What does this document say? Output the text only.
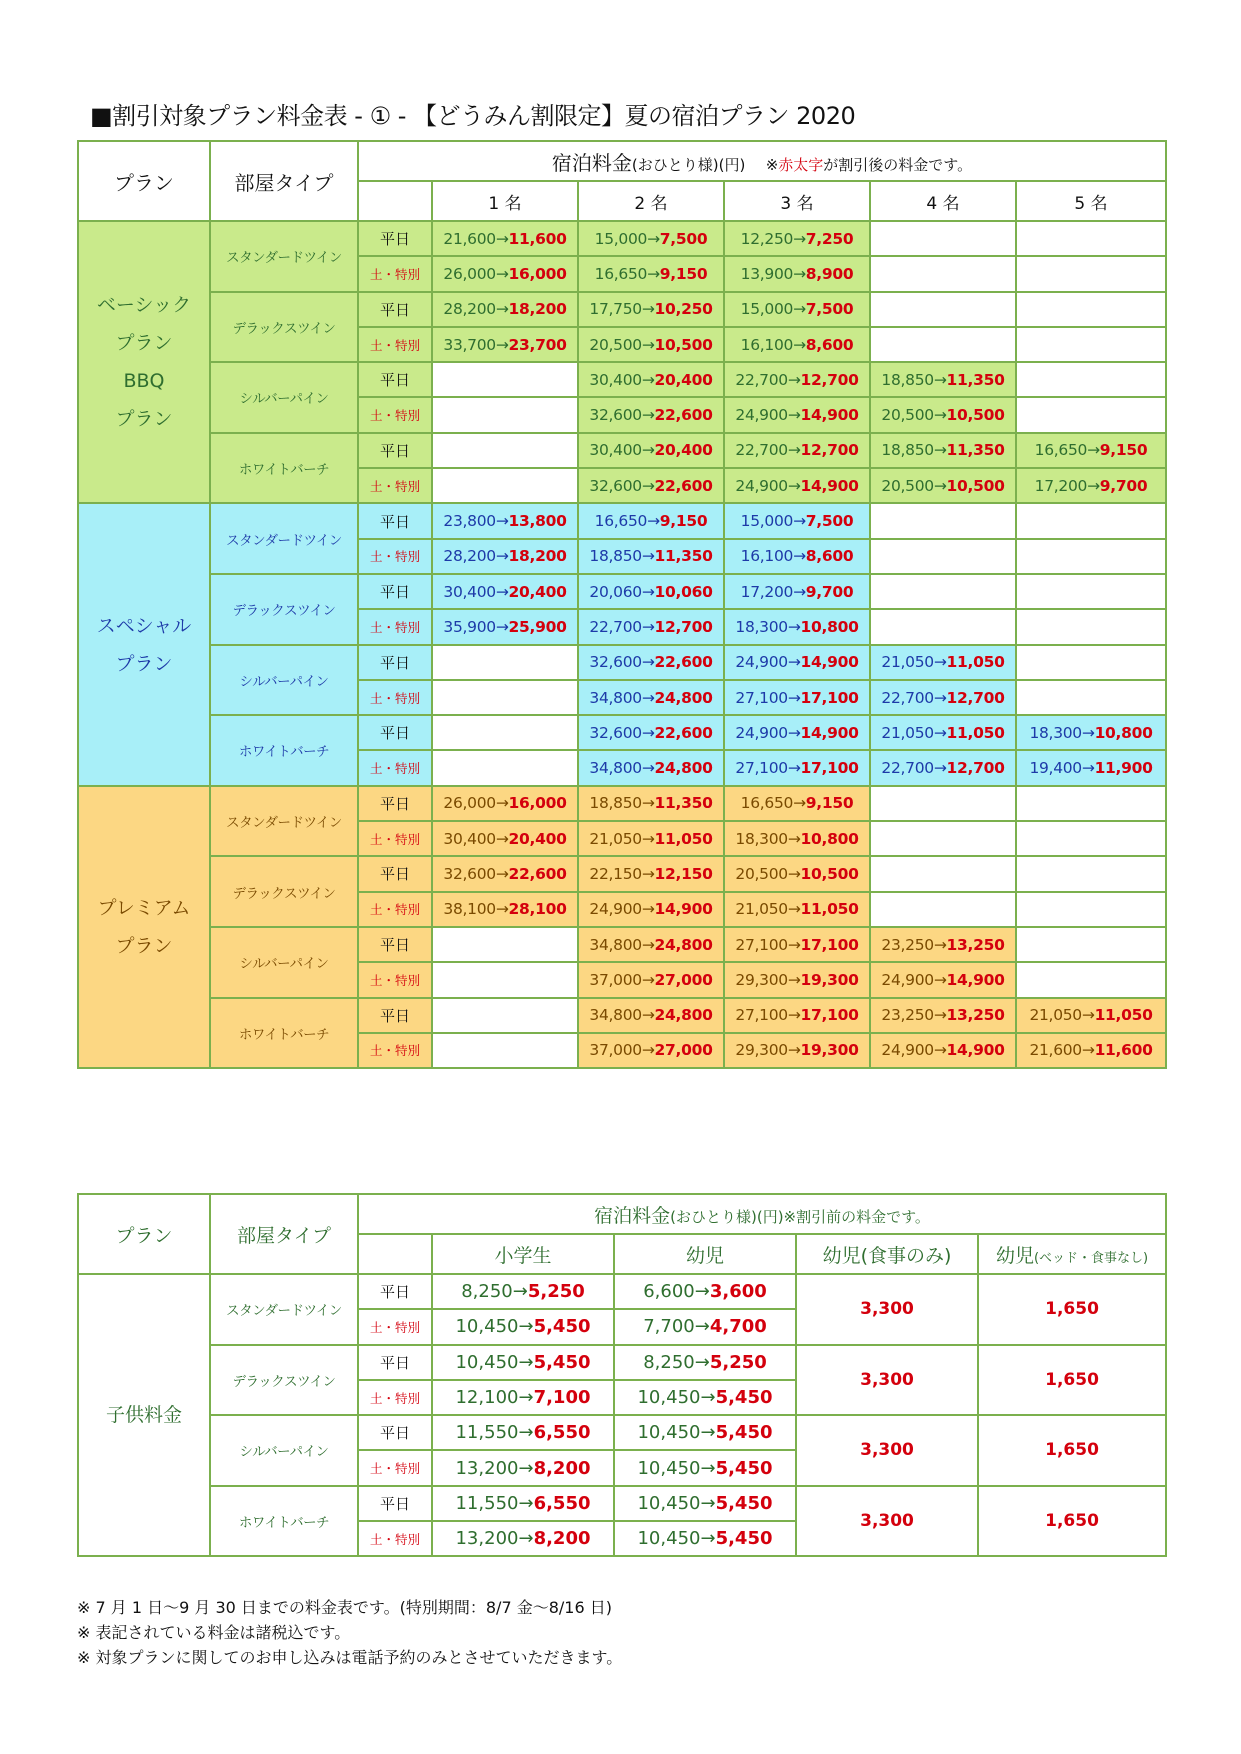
■割引対象プラン料金表 - ① - 【どうみん割限定】夏の宿泊プラン 2020
プラン	部屋タイプ	宿泊料金(おひとり様)(円) ※赤太字が割引後の料金です。					
			1 名	2 名	3 名	4 名	5 名

ベーシック
プラン
BBQ
プラン	スタンダードツイン	平日	21,600→11,600	15,000→7,500	12,250→7,250		
		土・特別	26,000→16,000	16,650→9,150	13,900→8,900		
	デラックスツイン	平日	28,200→18,200	17,750→10,250	15,000→7,500		
		土・特別	33,700→23,700	20,500→10,500	16,100→8,600		
	シルバーパイン	平日		30,400→20,400	22,700→12,700	18,850→11,350	
		土・特別		32,600→22,600	24,900→14,900	20,500→10,500	
	ホワイトバーチ	平日		30,400→20,400	22,700→12,700	18,850→11,350	16,650→9,150
		土・特別		32,600→22,600	24,900→14,900	20,500→10,500	17,200→9,700

スペシャル
プラン	スタンダードツイン	平日	23,800→13,800	16,650→9,150	15,000→7,500		
		土・特別	28,200→18,200	18,850→11,350	16,100→8,600		
	デラックスツイン	平日	30,400→20,400	20,060→10,060	17,200→9,700		
		土・特別	35,900→25,900	22,700→12,700	18,300→10,800		
	シルバーパイン	平日		32,600→22,600	24,900→14,900	21,050→11,050	
		土・特別		34,800→24,800	27,100→17,100	22,700→12,700	
	ホワイトバーチ	平日		32,600→22,600	24,900→14,900	21,050→11,050	18,300→10,800
		土・特別		34,800→24,800	27,100→17,100	22,700→12,700	19,400→11,900

プレミアム
プラン	スタンダードツイン	平日	26,000→16,000	18,850→11,350	16,650→9,150		
		土・特別	30,400→20,400	21,050→11,050	18,300→10,800		
	デラックスツイン	平日	32,600→22,600	22,150→12,150	20,500→10,500		
		土・特別	38,100→28,100	24,900→14,900	21,050→11,050		
	シルバーパイン	平日		34,800→24,800	27,100→17,100	23,250→13,250	
		土・特別		37,000→27,000	29,300→19,300	24,900→14,900	
	ホワイトバーチ	平日		34,800→24,800	27,100→17,100	23,250→13,250	21,050→11,050
		土・特別		37,000→27,000	29,300→19,300	24,900→14,900	21,600→11,600
プラン	部屋タイプ	宿泊料金(おひとり様)(円)※割引前の料金です。				
			小学生	幼児	幼児(食事のみ)	幼児(ベッド・食事なし)
子供料金	スタンダードツイン	平日	8,250→5,250	6,600→3,600	3,300	1,650
		土・特別	10,450→5,450	7,700→4,700		
	デラックスツイン	平日	10,450→5,450	8,250→5,250	3,300	1,650
		土・特別	12,100→7,100	10,450→5,450		
	シルバーパイン	平日	11,550→6,550	10,450→5,450	3,300	1,650
		土・特別	13,200→8,200	10,450→5,450		
	ホワイトバーチ	平日	11,550→6,550	10,450→5,450	3,300	1,650
		土・特別	13,200→8,200	10,450→5,450		
※ 7 月 1 日～9 月 30 日までの料金表です。(特別期間：8/7 金～8/16 日)
※ 表記されている料金は諸税込です。
※ 対象プランに関してのお申し込みは電話予約のみとさせていただきます。
